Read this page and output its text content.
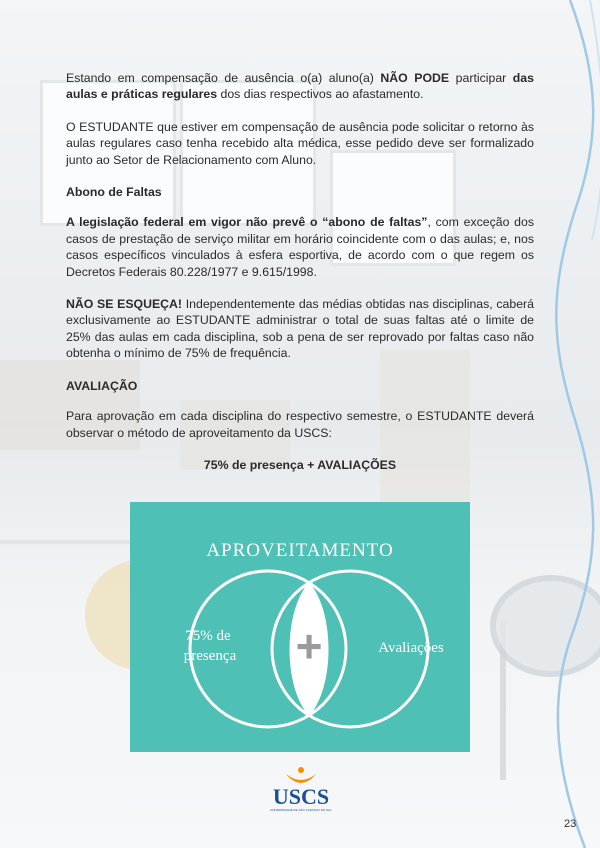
Estando em compensação de ausência o(a) aluno(a) NÃO PODE participar das aulas e práticas regulares dos dias respectivos ao afastamento.

O ESTUDANTE que estiver em compensação de ausência pode solicitar o retorno às aulas regulares caso tenha recebido alta médica, esse pedido deve ser formalizado junto ao Setor de Relacionamento com Aluno.

Abono de Faltas

A legislação federal em vigor não prevê o “abono de faltas”, com exceção dos casos de prestação de serviço militar em horário coincidente com o das aulas; e, nos casos específicos vinculados à esfera esportiva, de acordo com o que regem os Decretos Federais 80.228/1977 e 9.615/1998.

NÃO SE ESQUEÇA! Independentemente das médias obtidas nas disciplinas, caberá exclusivamente ao ESTUDANTE administrar o total de suas faltas até o limite de 25% das aulas em cada disciplina, sob a pena de ser reprovado por faltas caso não obtenha o mínimo de 75% de frequência.

AVALIAÇÃO

Para aprovação em cada disciplina do respectivo semestre, o ESTUDANTE deverá observar o método de aproveitamento da USCS:

75% de presença + AVALIAÇÕES

APROVEITAMENTO
+
75% de
presença	Avaliações
USCS
UNIVERSIDADE DE SÃO CAETANO DO SUL
23
